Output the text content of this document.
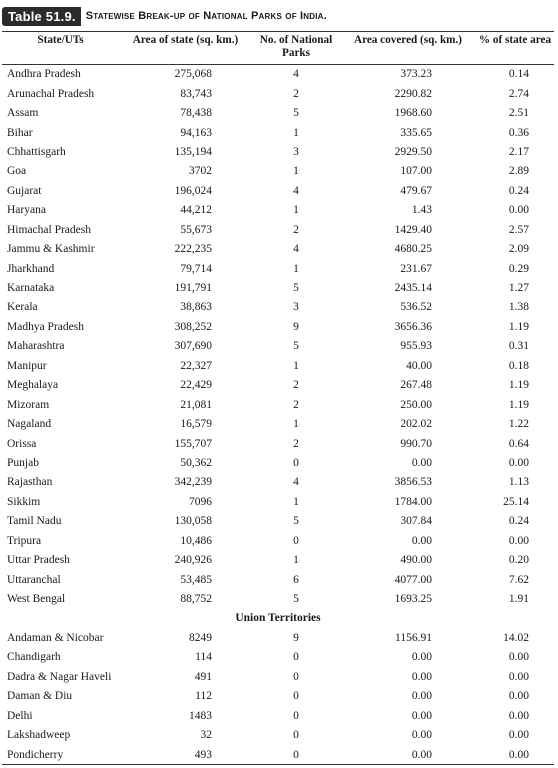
Table 51.9. Statewise Break-up of National Parks of India.
State/UTs	Area of state (sq. km.)	No. of National Parks	Area covered (sq. km.)	% of state area
Andhra Pradesh	275,068	4	373.23	0.14
Arunachal Pradesh	83,743	2	2290.82	2.74
Assam	78,438	5	1968.60	2.51
Bihar	94,163	1	335.65	0.36
Chhattisgarh	135,194	3	2929.50	2.17
Goa	3702	1	107.00	2.89
Gujarat	196,024	4	479.67	0.24
Haryana	44,212	1	1.43	0.00
Himachal Pradesh	55,673	2	1429.40	2.57
Jammu & Kashmir	222,235	4	4680.25	2.09
Jharkhand	79,714	1	231.67	0.29
Karnataka	191,791	5	2435.14	1.27
Kerala	38,863	3	536.52	1.38
Madhya Pradesh	308,252	9	3656.36	1.19
Maharashtra	307,690	5	955.93	0.31
Manipur	22,327	1	40.00	0.18
Meghalaya	22,429	2	267.48	1.19
Mizoram	21,081	2	250.00	1.19
Nagaland	16,579	1	202.02	1.22
Orissa	155,707	2	990.70	0.64
Punjab	50,362	0	0.00	0.00
Rajasthan	342,239	4	3856.53	1.13
Sikkim	7096	1	1784.00	25.14
Tamil Nadu	130,058	5	307.84	0.24
Tripura	10,486	0	0.00	0.00
Uttar Pradesh	240,926	1	490.00	0.20
Uttaranchal	53,485	6	4077.00	7.62
West Bengal	88,752	5	1693.25	1.91
Union Territories				
Andaman & Nicobar	8249	9	1156.91	14.02
Chandigarh	114	0	0.00	0.00
Dadra & Nagar Haveli	491	0	0.00	0.00
Daman & Diu	112	0	0.00	0.00
Delhi	1483	0	0.00	0.00
Lakshadweep	32	0	0.00	0.00
Pondicherry	493	0	0.00	0.00
